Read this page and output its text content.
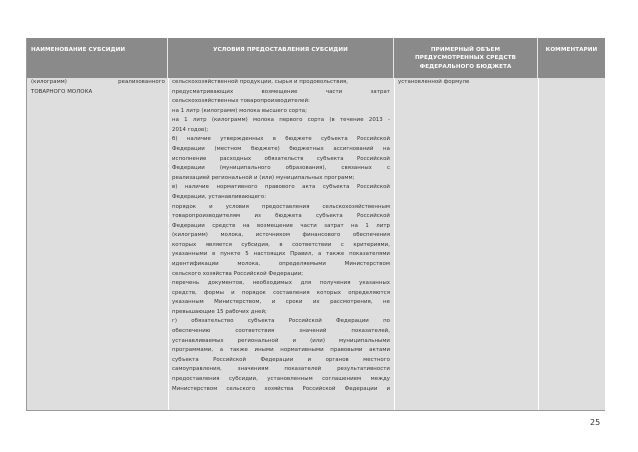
НАИМЕНОВАНИЕ СУБСИДИИ	УСЛОВИЯ ПРЕДОСТАВЛЕНИЯ СУБСИДИИ	ПРИМЕРНЫЙ ОБЪЕМ
ПРЕДУСМОТРЕННЫХ СРЕДСТВ
ФЕДЕРАЛЬНОГО БЮДЖЕТА
КОММЕНТАРИИ
(килограмм) реализованного
ТОВАРНОГО МОЛОКА
сельскохозяйственной продукции, сырья и продовольствия,
предусматривающих возмещение части затрат
сельскохозяйственных товаропроизводителей:
на 1 литр (килограмм) молока высшего сорта;
на 1 литр (килограмм) молока первого сорта (в течение 2013 -
2014 годов);
б) наличие утвержденных в бюджете субъекта Российской
Федерации (местном бюджете) бюджетных ассигнований на
исполнение расходных обязательств субъекта Российской
Федерации (муниципального образования), связанных с
реализацией региональной и (или) муниципальных программ;
в) наличие нормативного правового акта субъекта Российской
Федерации, устанавливающего:
порядок и условия предоставления сельскохозяйственным
товаропроизводителям из бюджета субъекта Российской
Федерации средств на возмещение части затрат на 1 литр
(килограмм) молока, источником финансового обеспечения
которых является субсидия, в соответствии с критериями,
указанными в пункте 5 настоящих Правил, а также показателями
идентификации молока, определяемыми Министерством
сельского хозяйства Российской Федерации;
перечень документов, необходимых для получения указанных
средств, формы и порядок составления которых определяются
указанным Министерством, и сроки их рассмотрения, не
превышающие 15 рабочих дней;
г) обязательство субъекта Российской Федерации по
обеспечению соответствия значений показателей,
устанавливаемых региональной и (или) муниципальными
программами, а также иными нормативными правовыми актами
субъекта Российской Федерации и органов местного
самоуправления, значениям показателей результативности
предоставления субсидии, установленным соглашением между
Министерством сельского хозяйства Российской Федерации и
установленной формуле
25
